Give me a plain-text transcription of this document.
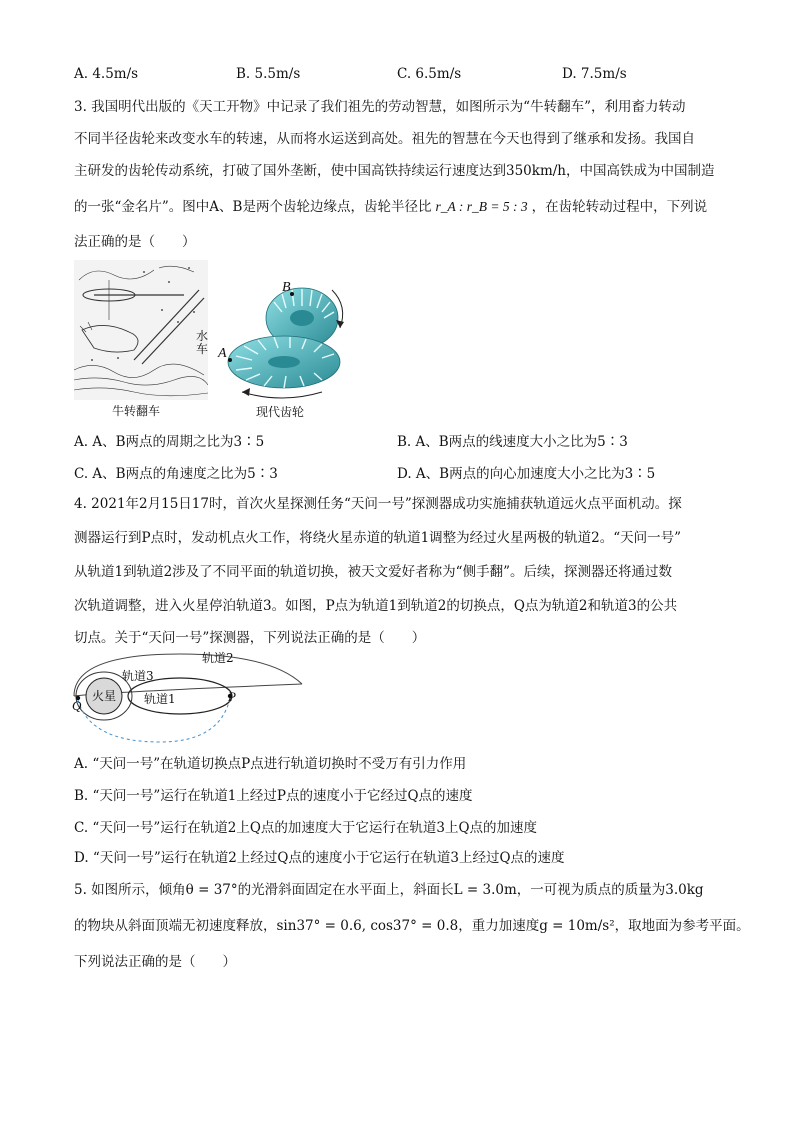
A. 4.5m/s	B. 5.5m/s	C. 6.5m/s	D. 7.5m/s
3. 我国明代出版的《天工开物》中记录了我们祖先的劳动智慧，如图所示为“牛转翻车”，利用畜力转动
不同半径齿轮来改变水车的转速，从而将水运送到高处。祖先的智慧在今天也得到了继承和发扬。我国自
主研发的齿轮传动系统，打破了国外垄断，使中国高铁持续运行速度达到350km/h，中国高铁成为中国制造
的一张“金名片”。图中A、B是两个齿轮边缘点，齿轮半径比 r_A : r_B = 5 : 3 ，在齿轮转动过程中，下列说
法正确的是（　　）
水车
牛转翻车
A
B
现代齿轮
A. A、B两点的周期之比为3∶5	B. A、B两点的线速度大小之比为5∶3
C. A、B两点的角速度之比为5∶3	D. A、B两点的向心加速度大小之比为3∶5
4. 2021年2月15日17时，首次火星探测任务“天问一号”探测器成功实施捕获轨道远火点平面机动。探
测器运行到P点时，发动机点火工作，将绕火星赤道的轨道1调整为经过火星两极的轨道2。“天问一号”
从轨道1到轨道2涉及了不同平面的轨道切换，被天文爱好者称为“侧手翻”。后续，探测器还将通过数
次轨道调整，进入火星停泊轨道3。如图，P点为轨道1到轨道2的切换点，Q点为轨道2和轨道3的公共
切点。关于“天问一号”探测器，下列说法正确的是（　　）
轨道2
轨道3
火星 轨道1	P
Q
A. “天问一号”在轨道切换点P点进行轨道切换时不受万有引力作用
B. “天问一号”运行在轨道1上经过P点的速度小于它经过Q点的速度
C. “天问一号”运行在轨道2上Q点的加速度大于它运行在轨道3上Q点的加速度
D. “天问一号”运行在轨道2上经过Q点的速度小于它运行在轨道3上经过Q点的速度
5. 如图所示，倾角θ = 37°的光滑斜面固定在水平面上，斜面长L = 3.0m，一可视为质点的质量为3.0kg
的物块从斜面顶端无初速度释放，sin37° = 0.6, cos37° = 0.8，重力加速度g = 10m/s²，取地面为参考平面。
下列说法正确的是（　　）
